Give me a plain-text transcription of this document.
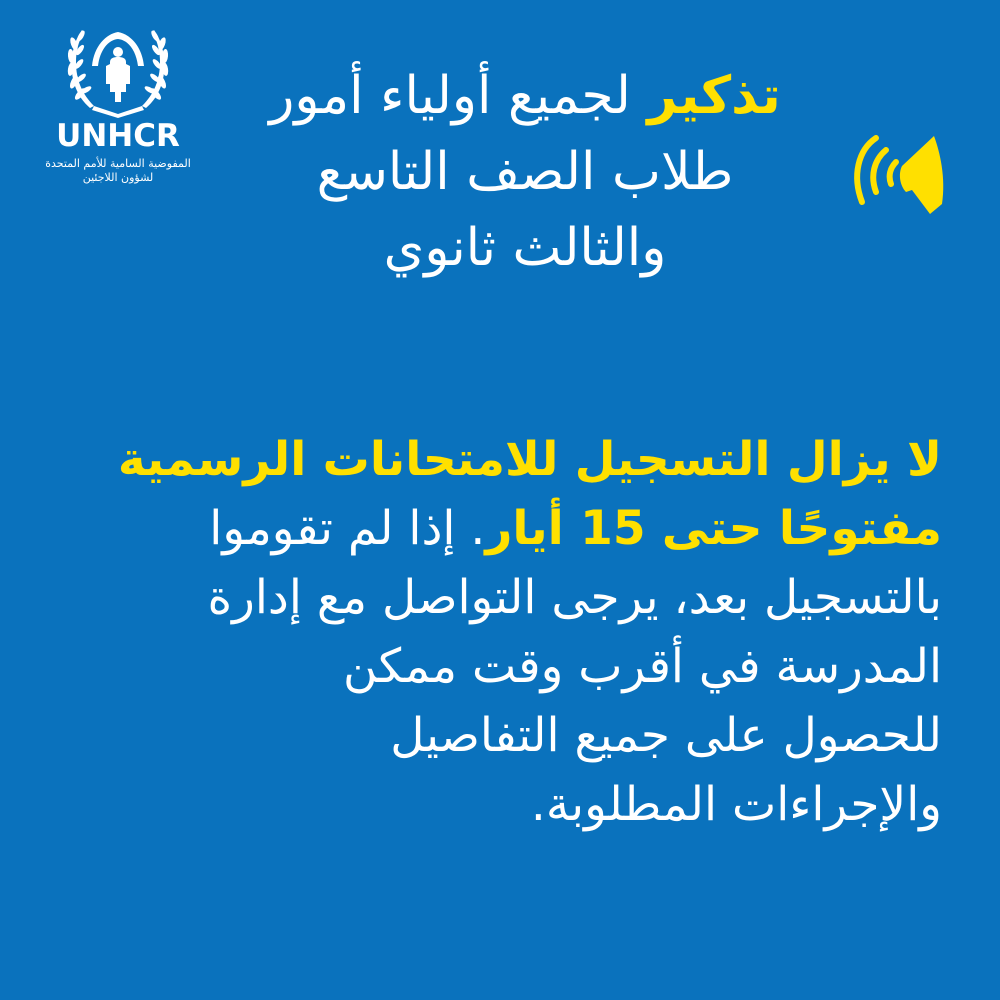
UNHCR
المفوضية السامية للأمم المتحدة
لشؤون اللاجئين
تذكير لجميع أولياء أمور
طلاب الصف التاسع
والثالث ثانوي
لا يزال التسجيل للامتحانات الرسمية
مفتوحًا حتى 15 أيار. إذا لم تقوموا
بالتسجيل بعد، يرجى التواصل مع إدارة
المدرسة في أقرب وقت ممكن
للحصول على جميع التفاصيل
والإجراءات المطلوبة.
